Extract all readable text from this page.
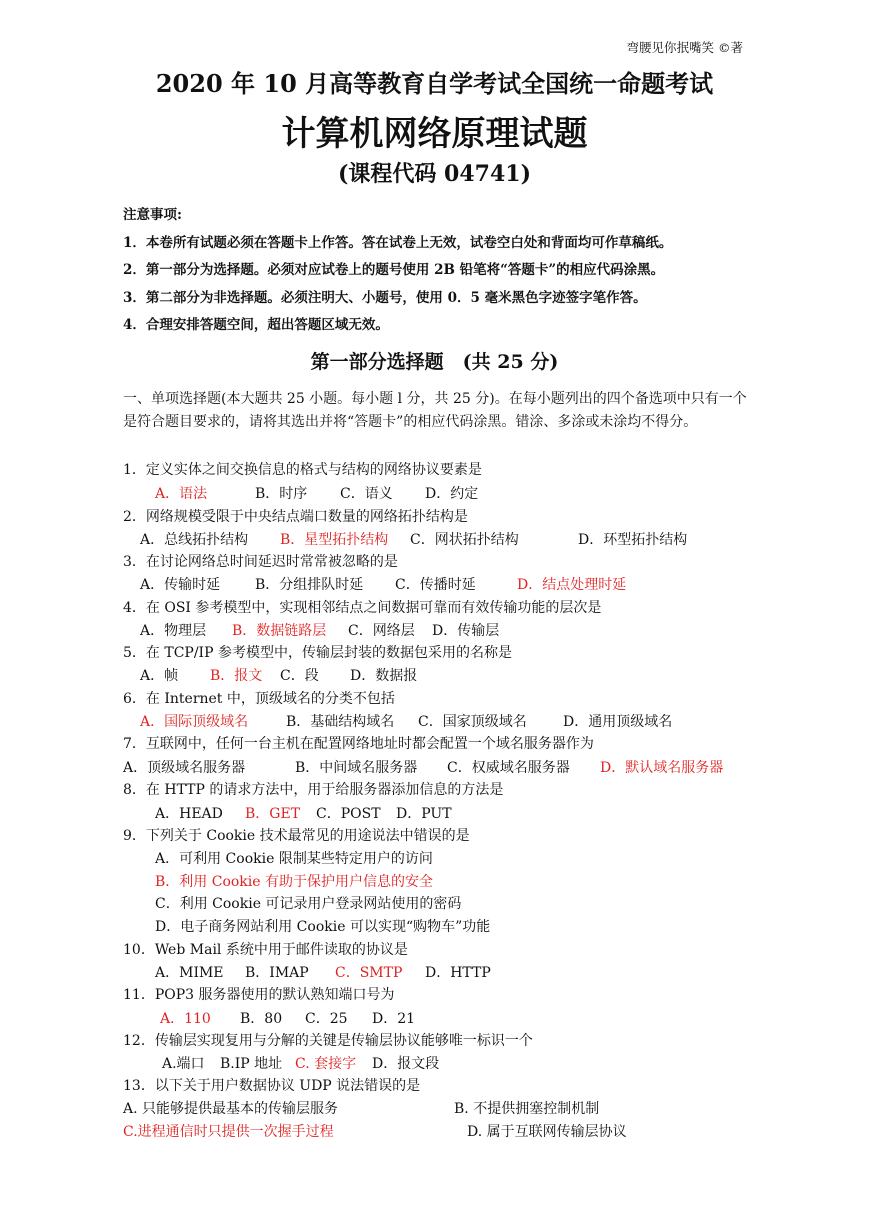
弯腰见你抿嘴笑 ©著
2020 年 10 月高等教育自学考试全国统一命题考试
计算机网络原理试题
(课程代码 04741)
注意事项:
1．本卷所有试题必须在答题卡上作答。答在试卷上无效，试卷空白处和背面均可作草稿纸。
2．第一部分为选择题。必须对应试卷上的题号使用 2B 铅笔将“答题卡”的相应代码涂黑。
3．第二部分为非选择题。必须注明大、小题号，使用 0．5 毫米黑色字迹签字笔作答。
4．合理安排答题空间，超出答题区域无效。
第一部分选择题　(共 25 分)
一、单项选择题(本大题共 25 小题。每小题 l 分，共 25 分)。在每小题列出的四个备选项中只有一个是符合题目要求的，请将其选出并将“答题卡”的相应代码涂黑。错涂、多涂或未涂均不得分。
1．定义实体之间交换信息的格式与结构的网络协议要素是
A．语法	B．时序 C．语义 D．约定
2．网络规模受限于中央结点端口数量的网络拓扑结构是
A．总线拓扑结构 B．星型拓扑结构 C．网状拓扑结构	D．环型拓扑结构
3．在讨论网络总时间延迟时常常被忽略的是
A．传输时延 B．分组排队时延 C．传播时延	D．结点处理时延
4．在 OSI 参考模型中，实现相邻结点之间数据可靠而有效传输功能的层次是
A．物理层 B．数据链路层 C．网络层 D．传输层
5．在 TCP/IP 参考模型中，传输层封装的数据包采用的名称是
A．帧 B．报文 C．段 D．数据报
6．在 Internet 中，顶级域名的分类不包括
A．国际顶级域名	B．基础结构域名 C．国家顶级域名	D．通用顶级域名
7．互联网中，任何一台主机在配置网络地址时都会配置一个域名服务器作为
A．顶级域名服务器	B．中间域名服务器 C．权威域名服务器 D．默认域名服务器
8．在 HTTP 的请求方法中，用于给服务器添加信息的方法是
A．HEAD B．GET C．POST D．PUT
9．下列关于 Cookie 技术最常见的用途说法中错误的是
A．可利用 Cookie 限制某些特定用户的访问
B．利用 Cookie 有助于保护用户信息的安全
C．利用 Cookie 可记录用户登录网站使用的密码
D．电子商务网站利用 Cookie 可以实现“购物车”功能
10．Web Mail 系统中用于邮件读取的协议是
A．MIME B．IMAP C．SMTP D．HTTP
11．POP3 服务器使用的默认熟知端口号为
A．110 B．80 C．25 D．21
12．传输层实现复用与分解的关键是传输层协议能够唯一标识一个
A.端口 B.IP 地址 C. 套接字 D．报文段
13．以下关于用户数据协议 UDP 说法错误的是
A. 只能够提供最基本的传输层服务	B. 不提供拥塞控制机制
C.进程通信时只提供一次握手过程	D. 属于互联网传输层协议
